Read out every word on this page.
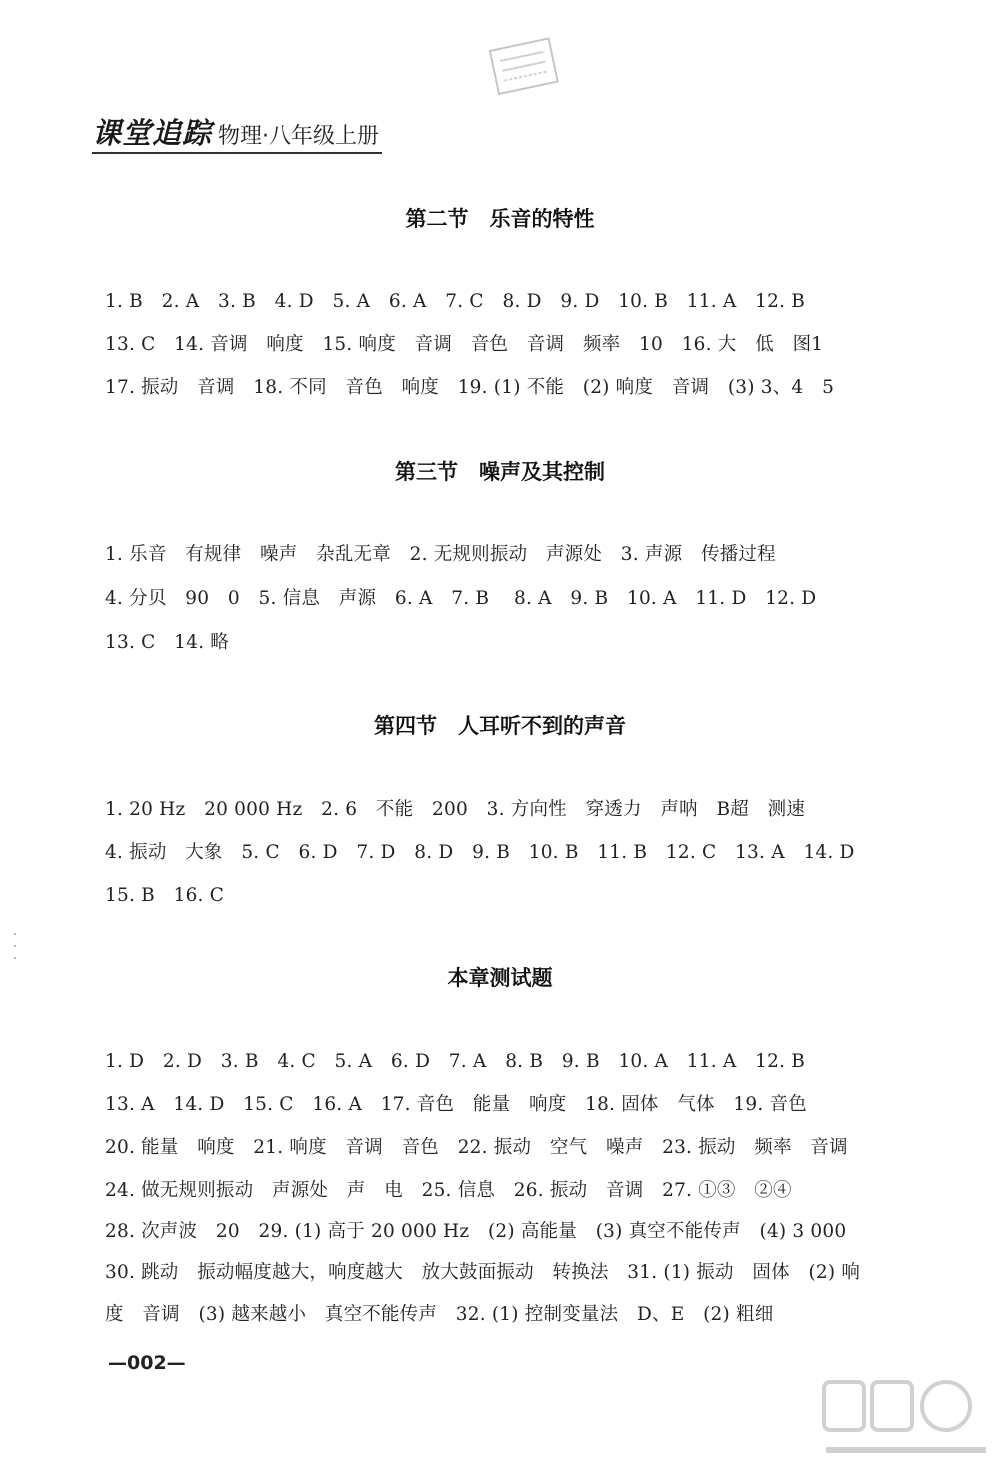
课堂追踪 物理·八年级上册
第二节　乐音的特性
1. B　2. A　3. B　4. D　5. A　6. A　7. C　8. D　9. D　10. B　11. A　12. B
13. C　14. 音调　响度　15. 响度　音调　音色　音调　频率　10　16. 大　低　图1
17. 振动　音调　18. 不同　音色　响度　19. (1) 不能　(2) 响度　音调　(3) 3、4　5
第三节　噪声及其控制
1. 乐音　有规律　噪声　杂乱无章　2. 无规则振动　声源处　3. 声源　传播过程
4. 分贝　90　0　5. 信息　声源　6. A　7. B　 8. A　9. B　10. A　11. D　12. D
13. C　14. 略
第四节　人耳听不到的声音
1. 20 Hz　20 000 Hz　2. 6　不能　200　3. 方向性　穿透力　声呐　B超　测速
4. 振动　大象　5. C　6. D　7. D　8. D　9. B　10. B　11. B　12. C　13. A　14. D
15. B　16. C
本章测试题
1. D　2. D　3. B　4. C　5. A　6. D　7. A　8. B　9. B　10. A　11. A　12. B
13. A　14. D　15. C　16. A　17. 音色　能量　响度　18. 固体　气体　19. 音色
20. 能量　响度　21. 响度　音调　音色　22. 振动　空气　噪声　23. 振动　频率　音调
24. 做无规则振动　声源处　声　电　25. 信息　26. 振动　音调　27. ①③　②④
28. 次声波　20　29. (1) 高于 20 000 Hz　(2) 高能量　(3) 真空不能传声　(4) 3 000
30. 跳动　振动幅度越大，响度越大　放大鼓面振动　转换法　31. (1) 振动　固体　(2) 响
度　音调　(3) 越来越小　真空不能传声　32. (1) 控制变量法　D、E　(2) 粗细
—002—
